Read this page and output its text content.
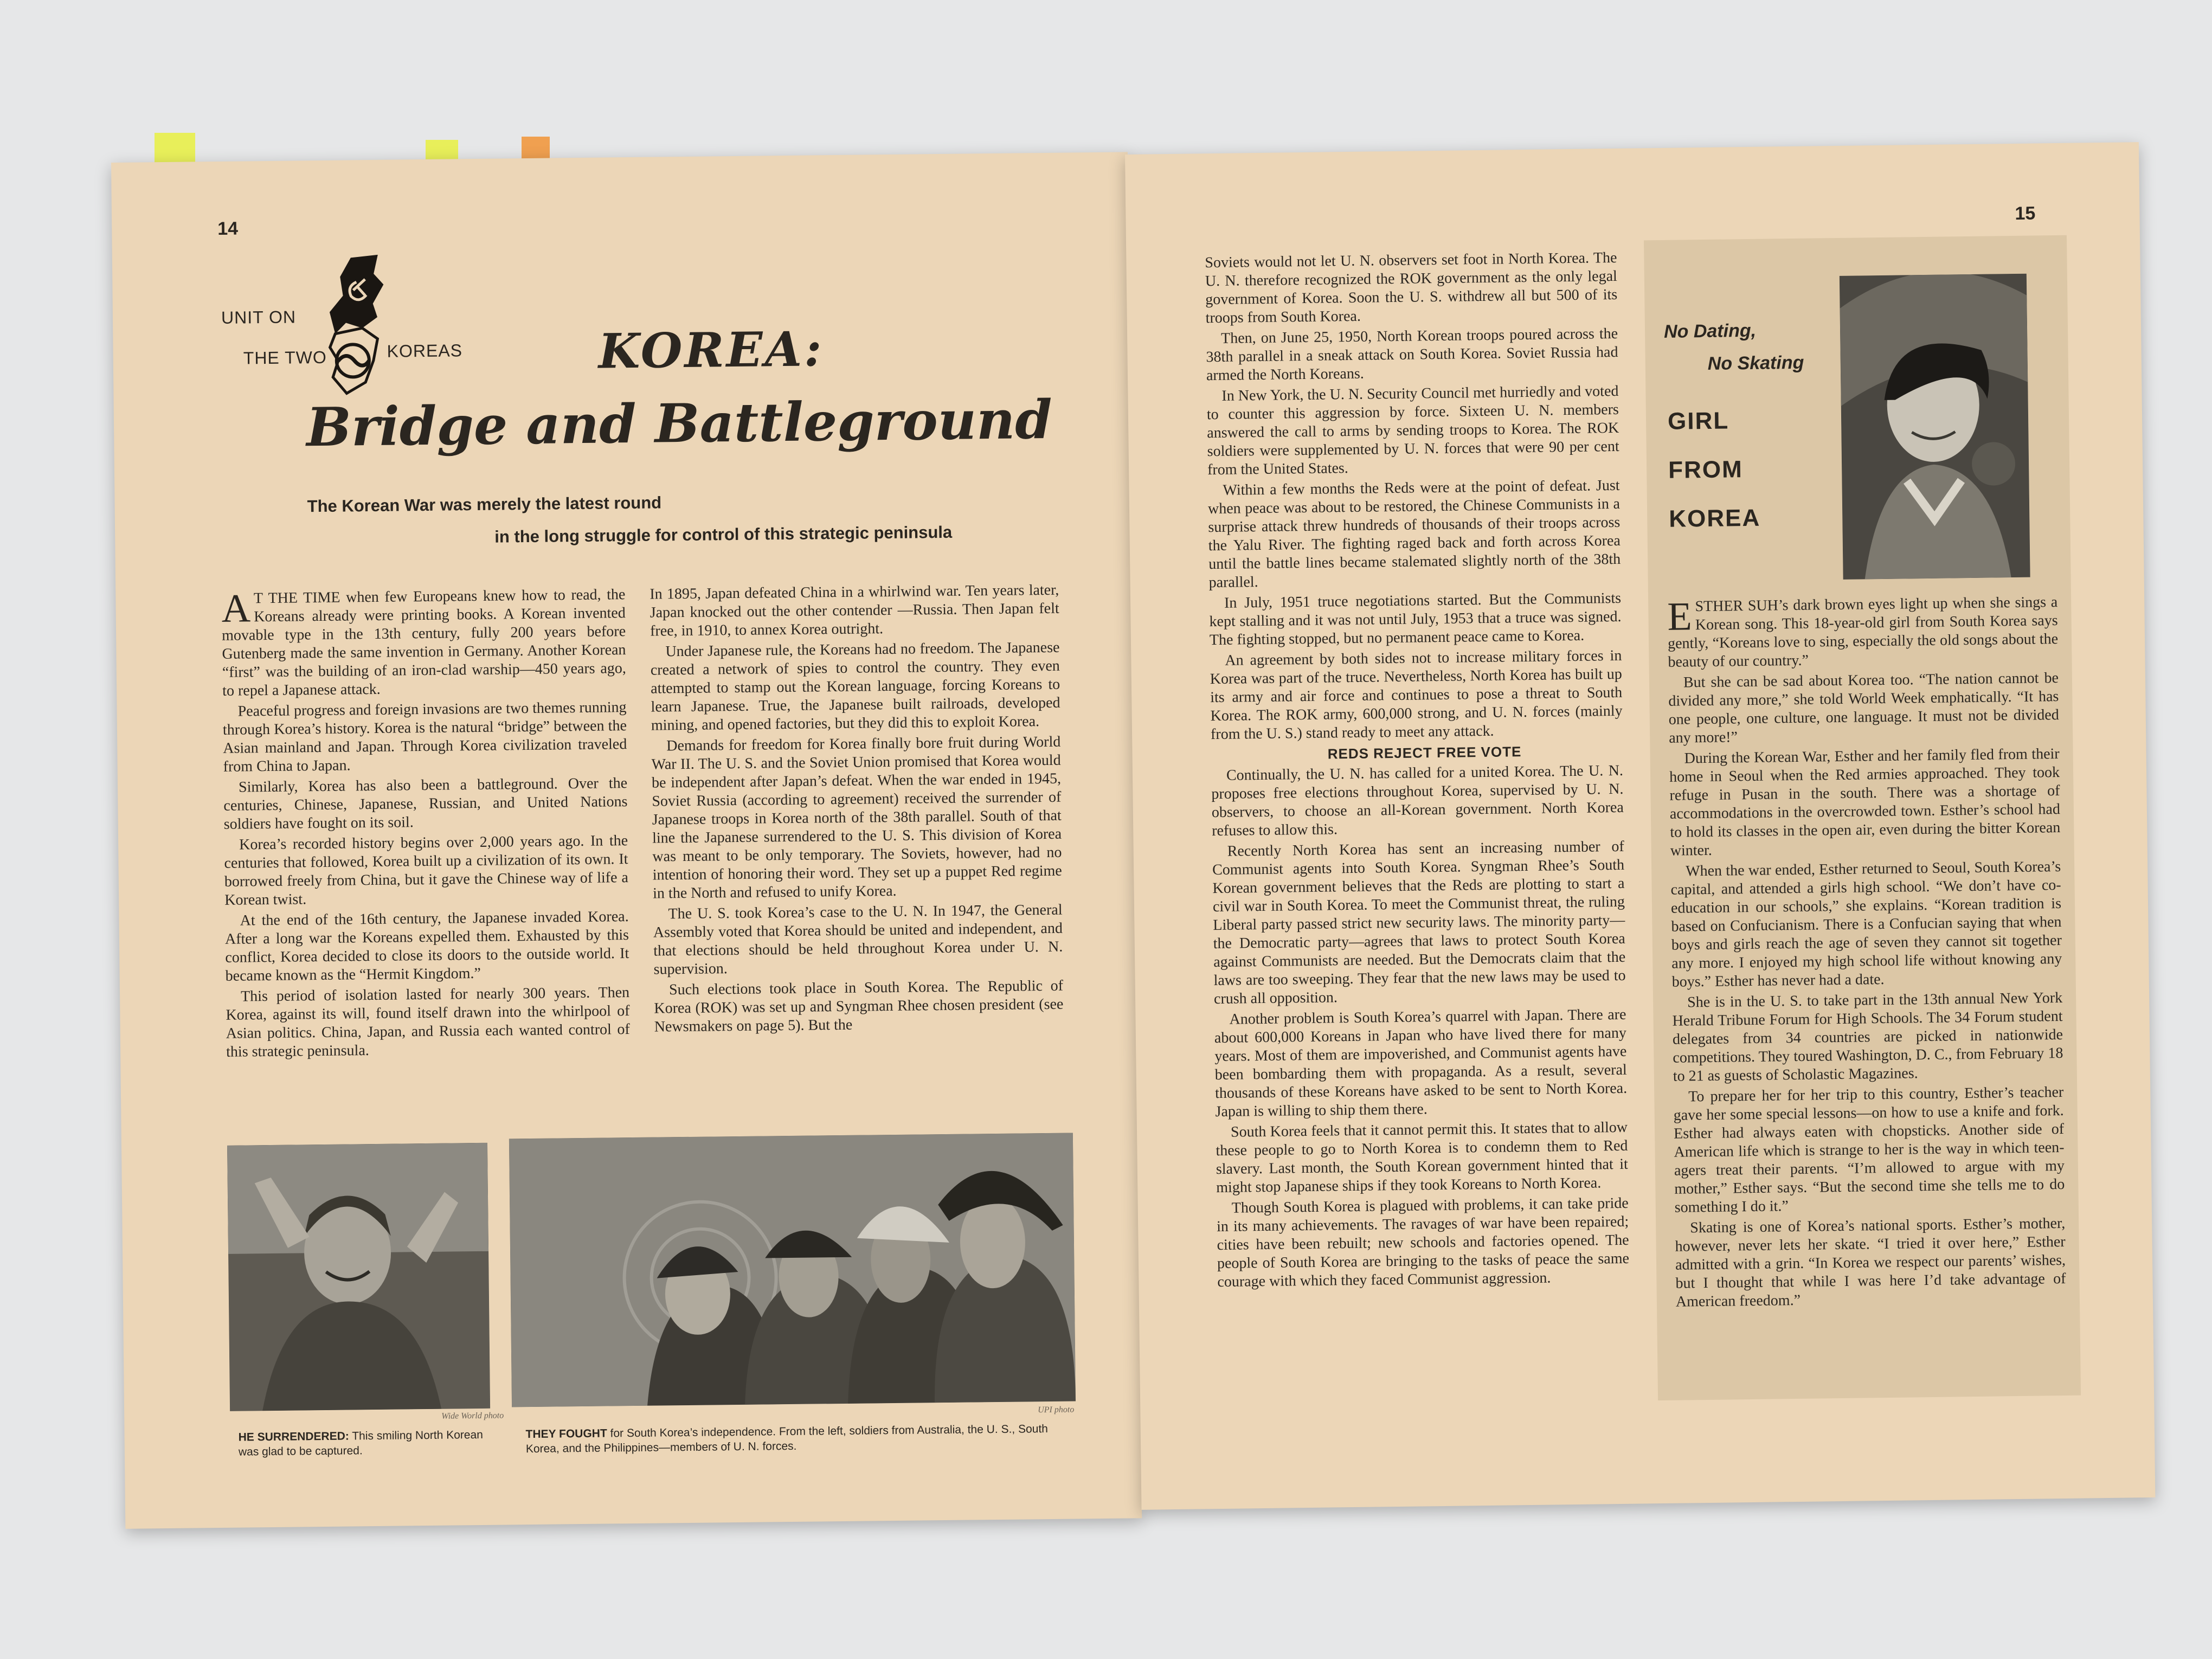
14
UNIT ON
THE TWO	KOREAS	KOREA:
Bridge and Battleground
The Korean War was merely the latest round
in the long struggle for control of this strategic peninsula

A T THE TIME when few Europeans knew how to read, the Koreans already were printing books. A Korean invented movable type in the 13th century, fully 200 years before Gutenberg made the same invention in Germany. Another Korean “first” was the building of an iron-clad warship—450 years ago, to repel a Japanese attack.

Peaceful progress and foreign invasions are two themes running through Korea’s history. Korea is the natural “bridge” between the Asian mainland and Japan. Through Korea civilization traveled from China to Japan.

Similarly, Korea has also been a battleground. Over the centuries, Chinese, Japanese, Russian, and United Nations soldiers have fought on its soil.

Korea’s recorded history begins over 2,000 years ago. In the centuries that followed, Korea built up a civilization of its own. It borrowed freely from China, but it gave the Chinese way of life a Korean twist.

At the end of the 16th century, the Japanese invaded Korea. After a long war the Koreans expelled them. Exhausted by this conflict, Korea decided to close its doors to the outside world. It became known as the “Hermit Kingdom.”

This period of isolation lasted for nearly 300 years. Then Korea, against its will, found itself drawn into the whirlpool of Asian politics. China, Japan, and Russia each wanted control of this strategic peninsula.

In 1895, Japan defeated China in a whirlwind war. Ten years later, Japan knocked out the other contender —Russia. Then Japan felt free, in 1910, to annex Korea outright.

Under Japanese rule, the Koreans had no freedom. The Japanese created a network of spies to control the country. They even attempted to stamp out the Korean language, forcing Koreans to learn Japanese. True, the Japanese built railroads, developed mining, and opened factories, but they did this to exploit Korea.

Demands for freedom for Korea finally bore fruit during World War II. The U. S. and the Soviet Union promised that Korea would be independent after Japan’s defeat. When the war ended in 1945, Soviet Russia (according to agreement) received the surrender of Japanese troops in Korea north of the 38th parallel. South of that line the Japanese surrendered to the U. S. This division of Korea was meant to be only temporary. The Soviets, however, had no intention of honoring their word. They set up a puppet Red regime in the North and refused to unify Korea.

The U. S. took Korea’s case to the U. N. In 1947, the General Assembly voted that Korea should be united and independent, and that elections should be held throughout Korea under U. N. supervision.

Such elections took place in South Korea. The Republic of Korea (ROK) was set up and Syngman Rhee chosen president (see Newsmakers on page 5). But the

Wide World photo
HE SURRENDERED: This smiling North Korean was glad to be captured.
UPI photo
THEY FOUGHT for South Korea’s independence. From the left, soldiers from Australia, the U. S., South Korea, and the Philippines—members of U. N. forces.
15

Soviets would not let U. N. observers set foot in North Korea. The U. N. therefore recognized the ROK government as the only legal government of Korea. Soon the U. S. withdrew all but 500 of its troops from South Korea.

Then, on June 25, 1950, North Korean troops poured across the 38th parallel in a sneak attack on South Korea. Soviet Russia had armed the North Koreans.

In New York, the U. N. Security Council met hurriedly and voted to counter this aggression by force. Sixteen U. N. members answered the call to arms by sending troops to Korea. The ROK soldiers were supplemented by U. N. forces that were 90 per cent from the United States.

Within a few months the Reds were at the point of defeat. Just when peace was about to be restored, the Chinese Communists in a surprise attack threw hundreds of thousands of their troops across the Yalu River. The fighting raged back and forth across Korea until the battle lines became stalemated slightly north of the 38th parallel.

In July, 1951 truce negotiations started. But the Communists kept stalling and it was not until July, 1953 that a truce was signed. The fighting stopped, but no permanent peace came to Korea.

An agreement by both sides not to increase military forces in Korea was part of the truce. Nevertheless, North Korea has built up its army and air force and continues to pose a threat to South Korea. The ROK army, 600,000 strong, and U. N. forces (mainly from the U. S.) stand ready to meet any attack.

REDS REJECT FREE VOTE

Continually, the U. N. has called for a united Korea. The U. N. proposes free elections throughout Korea, supervised by U. N. observers, to choose an all-Korean government. North Korea refuses to allow this.

Recently North Korea has sent an increasing number of Communist agents into South Korea. Syngman Rhee’s South Korean government believes that the Reds are plotting to start a civil war in South Korea. To meet the Communist threat, the ruling Liberal party passed strict new security laws. The minority party—the Democratic party—agrees that laws to protect South Korea against Communists are needed. But the Democrats claim that the laws are too sweeping. They fear that the new laws may be used to crush all opposition.

Another problem is South Korea’s quarrel with Japan. There are about 600,000 Koreans in Japan who have lived there for many years. Most of them are impoverished, and Communist agents have been bombarding them with propaganda. As a result, several thousands of these Koreans have asked to be sent to North Korea. Japan is willing to ship them there.

South Korea feels that it cannot permit this. It states that to allow these people to go to North Korea is to condemn them to Red slavery. Last month, the South Korean government hinted that it might stop Japanese ships if they took Koreans to North Korea.

Though South Korea is plagued with problems, it can take pride in its many achievements. The ravages of war have been repaired; cities have been rebuilt; new schools and factories opened. The people of South Korea are bringing to the tasks of peace the same courage with which they faced Communist aggression.

No Dating,
No Skating
GIRL
FROM
KOREA

ESTHER SUH’s dark brown eyes light up when she sings a Korean song. This 18-year-old girl from South Korea says gently, “Koreans love to sing, especially the old songs about the beauty of our country.”

But she can be sad about Korea too. “The nation cannot be divided any more,” she told World Week emphatically. “It has one people, one culture, one language. It must not be divided any more!”

During the Korean War, Esther and her family fled from their home in Seoul when the Red armies approached. They took refuge in Pusan in the south. There was a shortage of accommodations in the overcrowded town. Esther’s school had to hold its classes in the open air, even during the bitter Korean winter.

When the war ended, Esther returned to Seoul, South Korea’s capital, and attended a girls high school. “We don’t have co-education in our schools,” she explains. “Korean tradition is based on Confucianism. There is a Confucian saying that when boys and girls reach the age of seven they cannot sit together any more. I enjoyed my high school life without knowing any boys.” Esther has never had a date.

She is in the U. S. to take part in the 13th annual New York Herald Tribune Forum for High Schools. The 34 Forum student delegates from 34 countries are picked in nationwide competitions. They toured Washington, D. C., from February 18 to 21 as guests of Scholastic Magazines.

To prepare her for her trip to this country, Esther’s teacher gave her some special lessons—on how to use a knife and fork. Esther had always eaten with chopsticks. Another side of American life which is strange to her is the way in which teen-agers treat their parents. “I’m allowed to argue with my mother,” Esther says. “But the second time she tells me to do something I do it.”

Skating is one of Korea’s national sports. Esther’s mother, however, never lets her skate. “I tried it over here,” Esther admitted with a grin. “In Korea we respect our parents’ wishes, but I thought that while I was here I’d take advantage of American freedom.”
